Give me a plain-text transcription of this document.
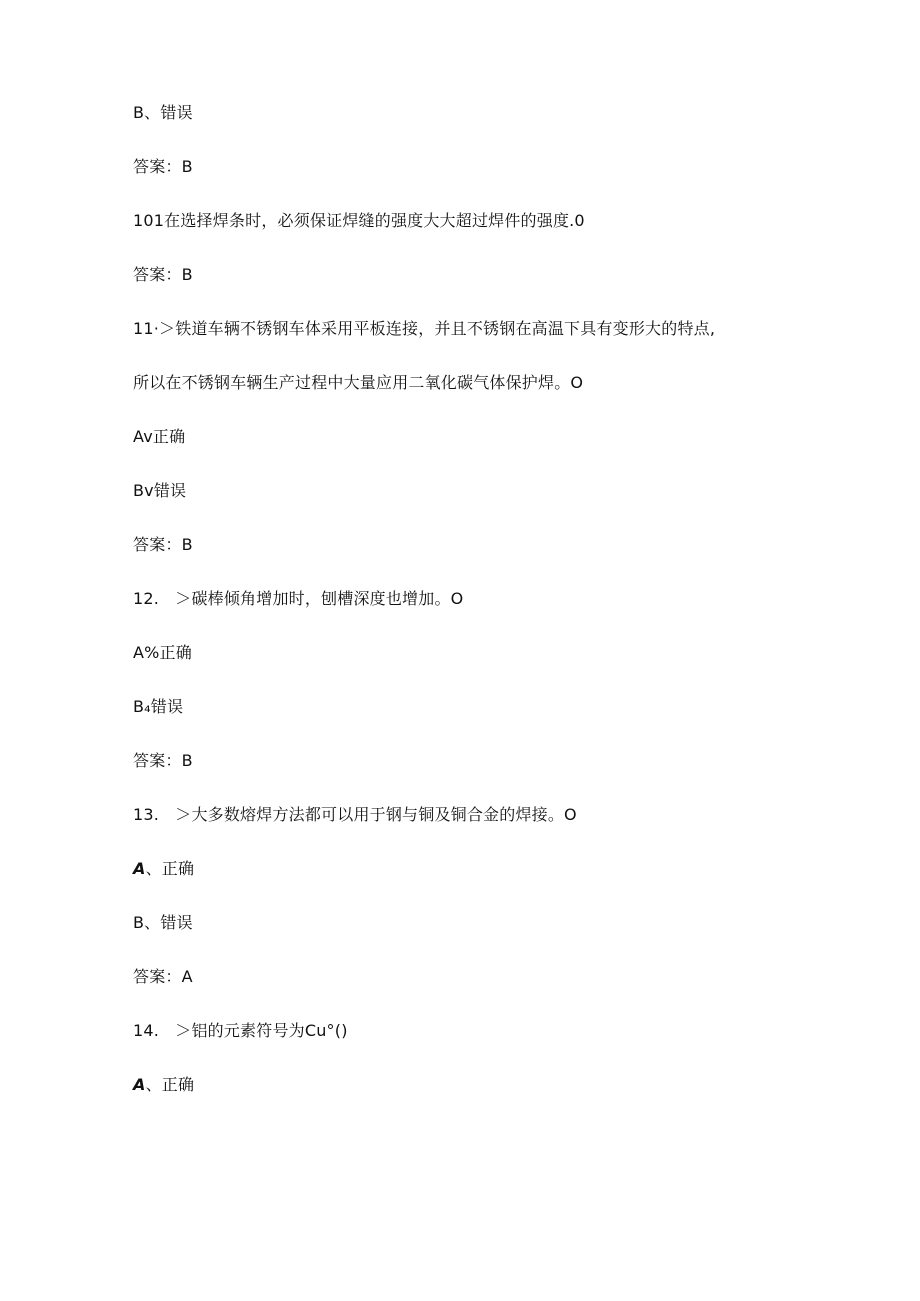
B、错误
答案：B
101在选择焊条时，必须保证焊缝的强度大大超过焊件的强度.0
答案：B
11·＞铁道车辆不锈钢车体采用平板连接，并且不锈钢在高温下具有变形大的特点,
所以在不锈钢车辆生产过程中大量应用二氧化碳气体保护焊。O
Av正确
Bv错误
答案：B
12.　＞碳棒倾角增加时，刨槽深度也增加。O
A%正确
B₄错误
答案：B
13.　＞大多数熔焊方法都可以用于钢与铜及铜合金的焊接。O
A、正确
B、错误
答案：A
14.　＞铝的元素符号为Cu°()
A、正确
